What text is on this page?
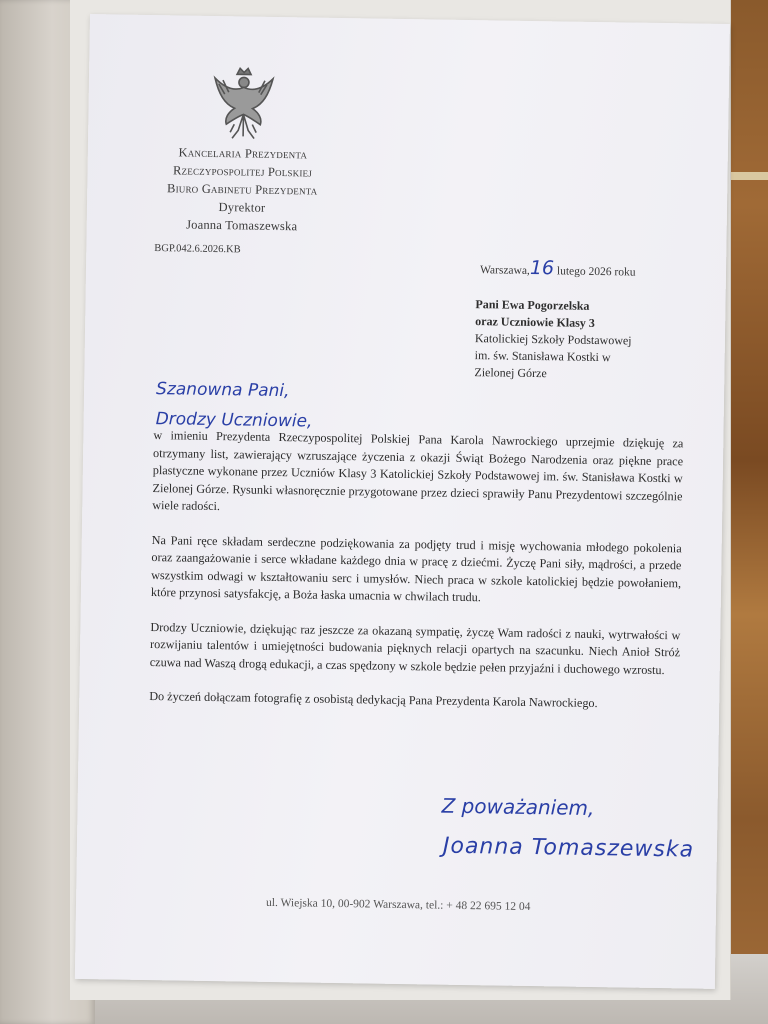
Kancelaria Prezydenta
Rzeczypospolitej Polskiej
Biuro Gabinetu Prezydenta
Dyrektor
Joanna Tomaszewska
BGP.042.6.2026.KB
Warszawa,16 lutego 2026 roku
Pani Ewa Pogorzelska
oraz Uczniowie Klasy 3
Katolickiej Szkoły Podstawowej
im. św. Stanisława Kostki w
Zielonej Górze
Szanowna Pani,
Drodzy Uczniowie,

w imieniu Prezydenta Rzeczypospolitej Polskiej Pana Karola Nawrockiego uprzejmie dziękuję za otrzymany list, zawierający wzruszające życzenia z okazji Świąt Bożego Narodzenia oraz piękne prace plastyczne wykonane przez Uczniów Klasy 3 Katolickiej Szkoły Podstawowej im. św. Stanisława Kostki w Zielonej Górze. Rysunki własnoręcznie przygotowane przez dzieci sprawiły Panu Prezydentowi szczególnie wiele radości.

Na Pani ręce składam serdeczne podziękowania za podjęty trud i misję wychowania młodego pokolenia oraz zaangażowanie i serce wkładane każdego dnia w pracę z dziećmi. Życzę Pani siły, mądrości, a przede wszystkim odwagi w kształtowaniu serc i umysłów. Niech praca w szkole katolickiej będzie powołaniem, które przynosi satysfakcję, a Boża łaska umacnia w chwilach trudu.

Drodzy Uczniowie, dziękując raz jeszcze za okazaną sympatię, życzę Wam radości z nauki, wytrwałości w rozwijaniu talentów i umiejętności budowania pięknych relacji opartych na szacunku. Niech Anioł Stróż czuwa nad Waszą drogą edukacji, a czas spędzony w szkole będzie pełen przyjaźni i duchowego wzrostu.

Do życzeń dołączam fotografię z osobistą dedykacją Pana Prezydenta Karola Nawrockiego.

Z poważaniem,
Joanna Tomaszewska
ul. Wiejska 10, 00-902 Warszawa, tel.: + 48 22 695 12 04
